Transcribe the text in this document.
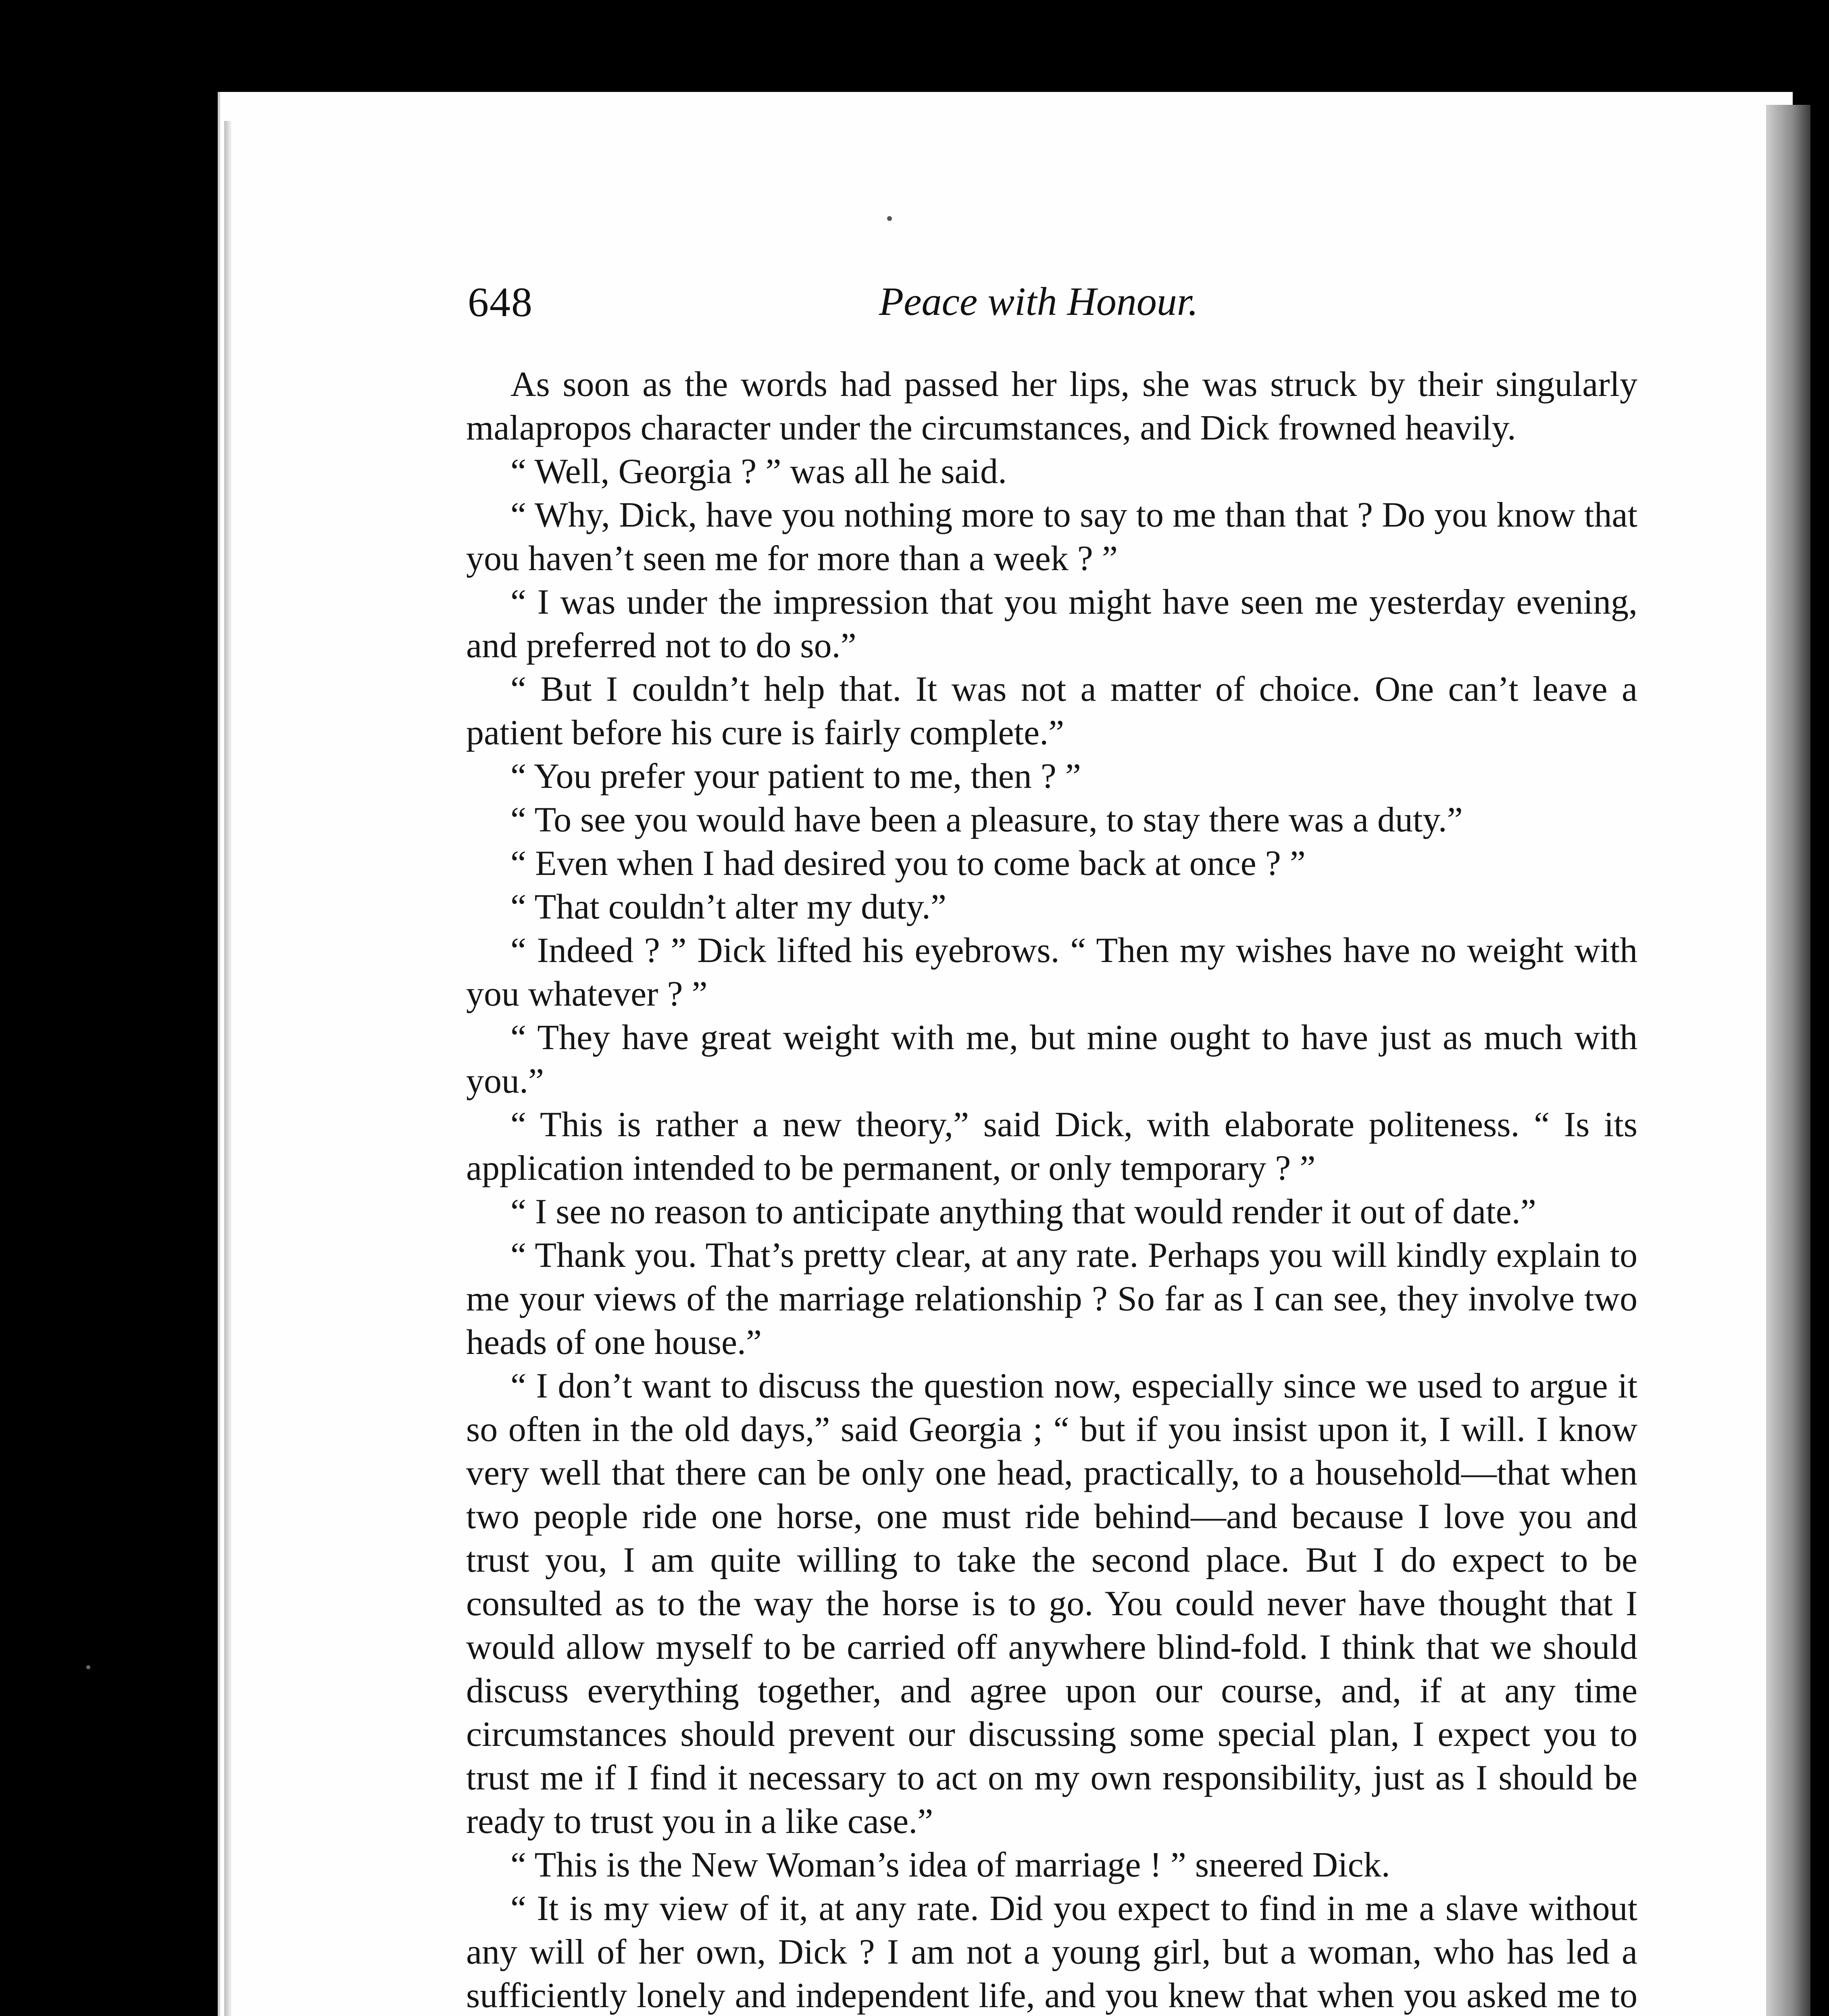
648	Peace with Honour.

As soon as the words had passed her lips, she was struck by their singularly malapropos character under the circumstances, and Dick frowned heavily.

“ Well, Georgia ? ” was all he said.

“ Why, Dick, have you nothing more to say to me than that ? Do you know that you haven’t seen me for more than a week ? ”

“ I was under the impression that you might have seen me yesterday evening, and preferred not to do so.”

“ But I couldn’t help that. It was not a matter of choice. One can’t leave a patient before his cure is fairly complete.”

“ You prefer your patient to me, then ? ”

“ To see you would have been a pleasure, to stay there was a duty.”

“ Even when I had desired you to come back at once ? ”

“ That couldn’t alter my duty.”

“ Indeed ? ” Dick lifted his eyebrows. “ Then my wishes have no weight with you whatever ? ”

“ They have great weight with me, but mine ought to have just as much with you.”

“ This is rather a new theory,” said Dick, with elaborate politeness. “ Is its application intended to be permanent, or only temporary ? ”

“ I see no reason to anticipate anything that would render it out of date.”

“ Thank you. That’s pretty clear, at any rate. Perhaps you will kindly explain to me your views of the marriage relationship ? So far as I can see, they involve two heads of one house.”

“ I don’t want to discuss the question now, especially since we used to argue it so often in the old days,” said Georgia ; “ but if you insist upon it, I will. I know very well that there can be only one head, practically, to a household—that when two people ride one horse, one must ride behind—and because I love you and trust you, I am quite willing to take the second place. But I do expect to be consulted as to the way the horse is to go. You could never have thought that I would allow myself to be carried off anywhere blind-fold. I think that we should discuss everything together, and agree upon our course, and, if at any time circumstances should prevent our discussing some special plan, I expect you to trust me if I find it necessary to act on my own responsibility, just as I should be ready to trust you in a like case.”

“ This is the New Woman’s idea of marriage ! ” sneered Dick.

“ It is my view of it, at any rate. Did you expect to find in me a slave without any will of her own, Dick ? I am not a young girl, but a woman, who has led a sufficiently lonely and independent life, and you knew that when you asked me to
